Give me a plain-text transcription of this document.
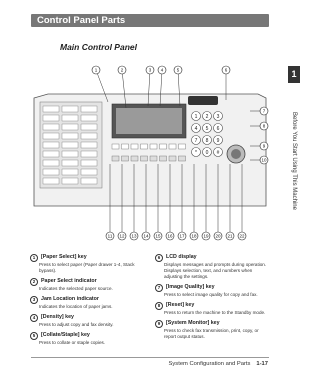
Control Panel Parts
Main Control Panel
1
Before You Start Using This Machine
1 2 3
4 5 6
7 8 9
* 0 #
1	2	3 4	5	6
7
8
9
10
11 12 13 14 15 16 17 18 19 20 21 22
1	[Paper Select] key
Press to select paper (Paper drawer 1-4, Stack bypass).
2	Paper Select indicator
Indicates the selected paper source.
3	Jam Location indicator
Indicates the location of paper jams.
4	[Density] key
Press to adjust copy and fax density.
5	[Collate/Staple] key
Press to collate or staple copies.
6	LCD display
Displays messages and prompts during operation. Displays selection, text, and numbers when adjusting the settings.
7	[Image Quality] key
Press to select image quality for copy and fax.
8	[Reset] key
Press to return the machine to the Standby mode.
9	[System Monitor] key
Press to check fax transmission, print, copy, or report output status.
System Configuration and Parts 1-17
